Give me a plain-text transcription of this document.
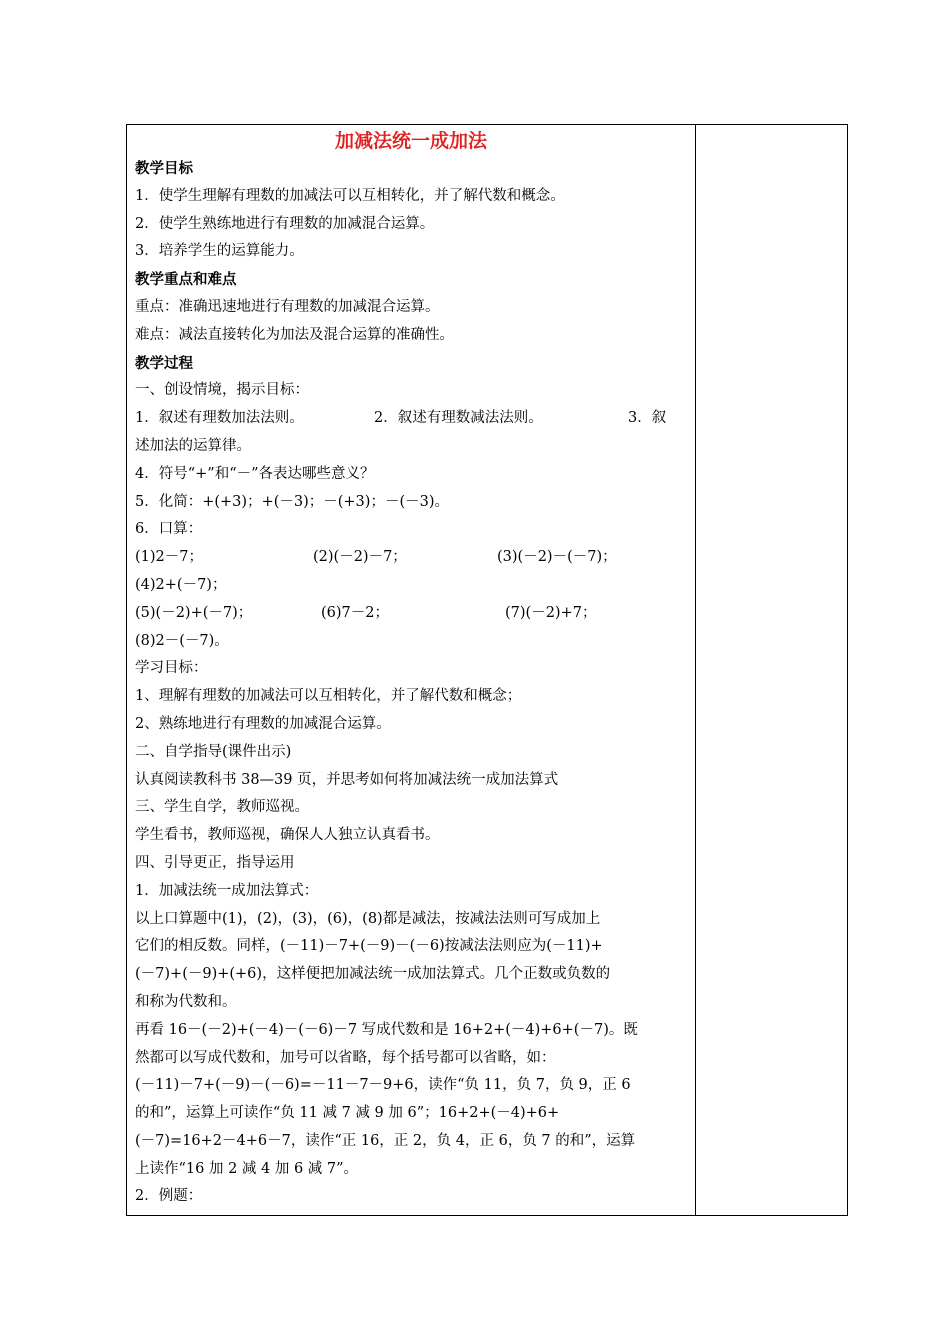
加减法统一成加法
教学目标
1．使学生理解有理数的加减法可以互相转化，并了解代数和概念。
2．使学生熟练地进行有理数的加减混合运算。
3．培养学生的运算能力。
教学重点和难点
重点：准确迅速地进行有理数的加减混合运算。
难点：减法直接转化为加法及混合运算的准确性。
教学过程
一、创设情境，揭示目标：
1．叙述有理数加法法则。	2．叙述有理数减法法则。	3．叙
述加法的运算律。
4．符号“+”和“－”各表达哪些意义？
5．化简：+(+3)；+(－3)；－(+3)；－(－3)。
6．口算：
(1)2－7；	(2)(－2)－7；	(3)(－2)－(－7)；
(4)2+(－7)；
(5)(－2)+(－7)；	(6)7－2；	(7)(－2)+7；
(8)2－(－7)。
学习目标：
1、理解有理数的加减法可以互相转化，并了解代数和概念；
2、熟练地进行有理数的加减混合运算。
二、自学指导(课件出示)
认真阅读教科书 38—39 页，并思考如何将加减法统一成加法算式
三、学生自学，教师巡视。
学生看书，教师巡视，确保人人独立认真看书。
四、引导更正，指导运用
1．加减法统一成加法算式：
以上口算题中(1)，(2)，(3)，(6)，(8)都是减法，按减法法则可写成加上
它们的相反数。同样，(－11)－7+(－9)－(－6)按减法法则应为(－11)+
(－7)+(－9)+(+6)，这样便把加减法统一成加法算式。几个正数或负数的
和称为代数和。
再看 16－(－2)+(－4)－(－6)－7 写成代数和是 16+2+(－4)+6+(－7)。既
然都可以写成代数和，加号可以省略，每个括号都可以省略，如：
(－11)－7+(－9)－(－6)=－11－7－9+6，读作“负 11，负 7，负 9，正 6
的和”，运算上可读作“负 11 减 7 减 9 加 6”；16+2+(－4)+6+
(－7)=16+2－4+6－7，读作“正 16，正 2，负 4，正 6，负 7 的和”，运算
上读作“16 加 2 减 4 加 6 减 7”。
2．例题：
